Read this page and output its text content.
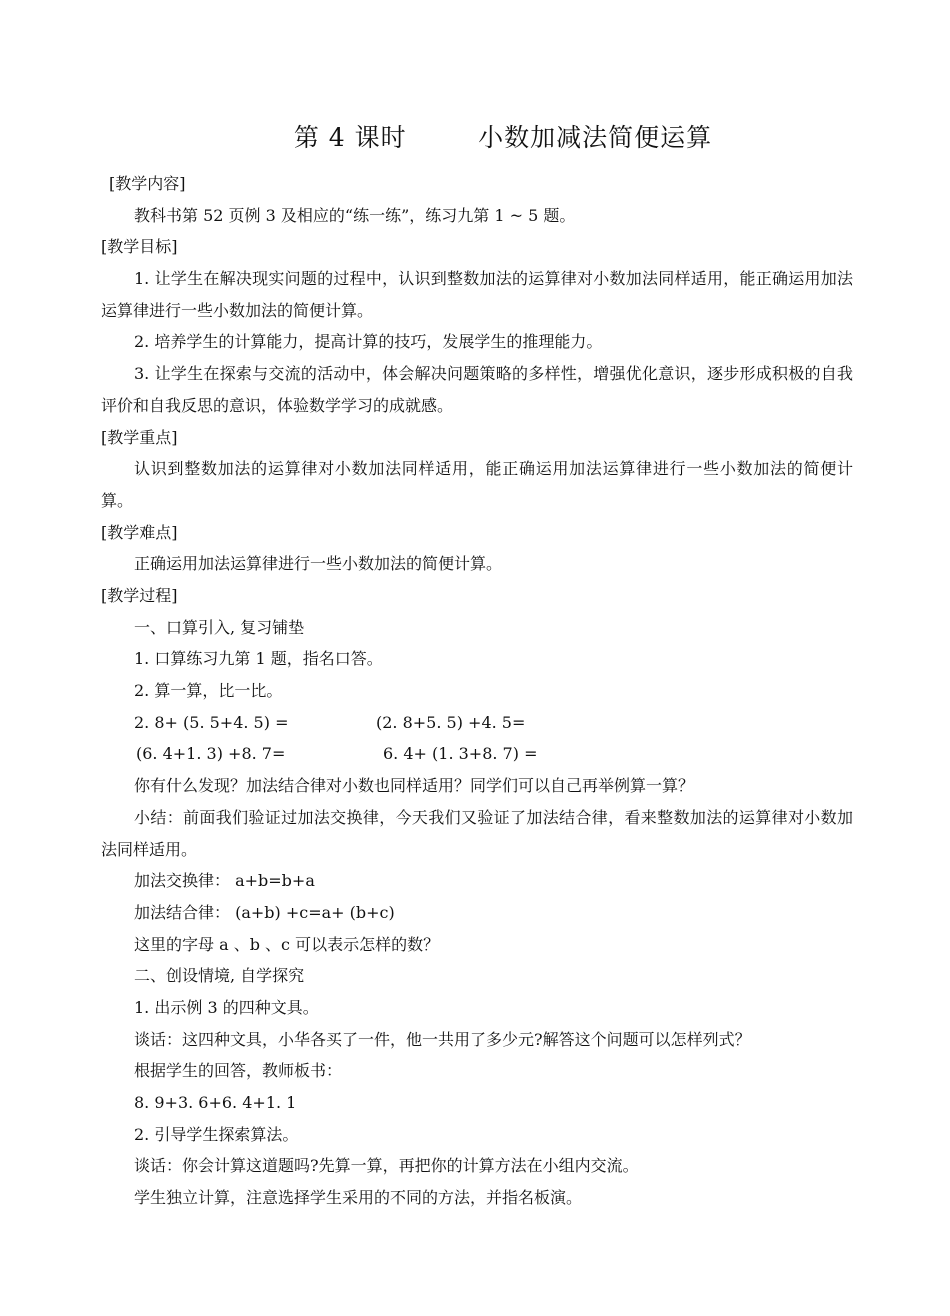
第 4 课时        小数加减法简便运算
[教学内容]
教科书第 52 页例 3 及相应的“练一练”，练习九第 1 ~ 5 题。
[教学目标]
1. 让学生在解决现实问题的过程中，认识到整数加法的运算律对小数加法同样适用，能正确运用加法运算律进行一些小数加法的简便计算。
2. 培养学生的计算能力，提高计算的技巧，发展学生的推理能力。
3. 让学生在探索与交流的活动中，体会解决问题策略的多样性，增强优化意识，逐步形成积极的自我评价和自我反思的意识，体验数学学习的成就感。
[教学重点]
认识到整数加法的运算律对小数加法同样适用，能正确运用加法运算律进行一些小数加法的简便计算。
[教学难点]
正确运用加法运算律进行一些小数加法的简便计算。
[教学过程]
一、口算引入, 复习铺垫
1. 口算练习九第 1 题，指名口答。
2. 算一算，比一比。
2. 8+ (5. 5+4. 5) =	(2. 8+5. 5) +4. 5=
(6. 4+1. 3) +8. 7=	6. 4+ (1. 3+8. 7) =
你有什么发现？加法结合律对小数也同样适用？同学们可以自己再举例算一算？
小结：前面我们验证过加法交换律，今天我们又验证了加法结合律，看来整数加法的运算律对小数加法同样适用。
加法交换律： a+b=b+a
加法结合律： (a+b) +c=a+ (b+c)
这里的字母 a 、b 、c 可以表示怎样的数？
二、创设情境, 自学探究
1. 出示例 3 的四种文具。
谈话：这四种文具，小华各买了一件，他一共用了多少元?解答这个问题可以怎样列式？
根据学生的回答，教师板书：
8. 9+3. 6+6. 4+1. 1
2. 引导学生探索算法。
谈话：你会计算这道题吗?先算一算，再把你的计算方法在小组内交流。
学生独立计算，注意选择学生采用的不同的方法，并指名板演。
